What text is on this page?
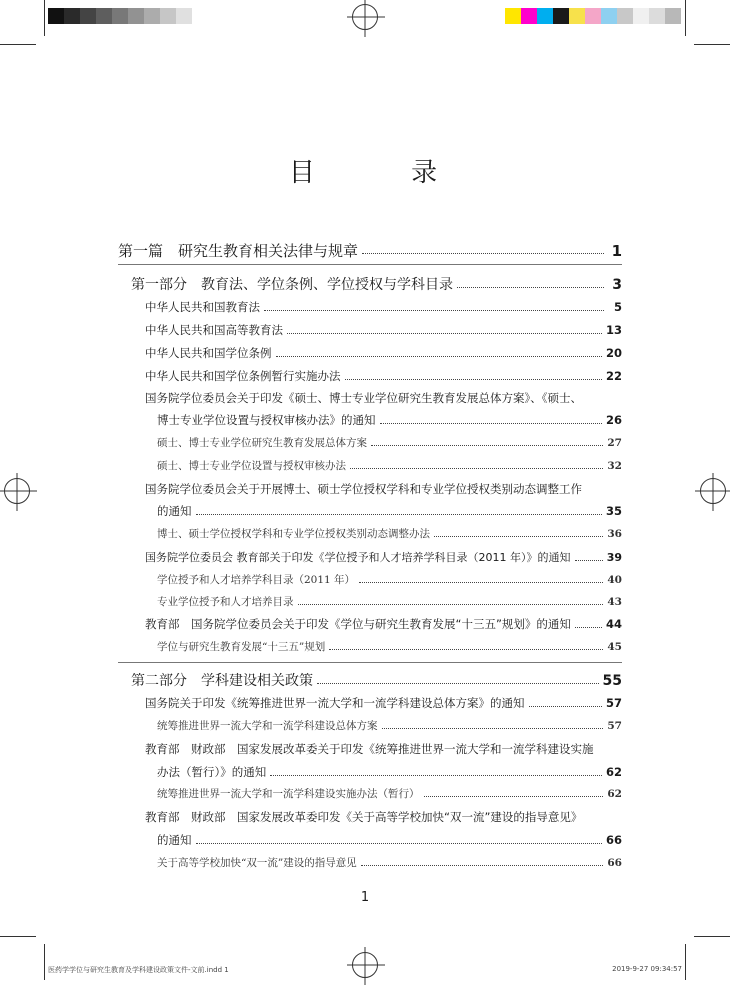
目 录
第一篇　研究生教育相关法律与规章	1
第一部分　教育法、学位条例、学位授权与学科目录	3
中华人民共和国教育法	5
中华人民共和国高等教育法	13
中华人民共和国学位条例	20
中华人民共和国学位条例暂行实施办法	22
国务院学位委员会关于印发《硕士、博士专业学位研究生教育发展总体方案》、《硕士、
博士专业学位设置与授权审核办法》的通知	26
硕士、博士专业学位研究生教育发展总体方案	27
硕士、博士专业学位设置与授权审核办法	32
国务院学位委员会关于开展博士、硕士学位授权学科和专业学位授权类别动态调整工作
的通知	35
博士、硕士学位授权学科和专业学位授权类别动态调整办法	36
国务院学位委员会 教育部关于印发《学位授予和人才培养学科目录（2011 年）》的通知	39
学位授予和人才培养学科目录（2011 年）	40
专业学位授予和人才培养目录	43
教育部　国务院学位委员会关于印发《学位与研究生教育发展“十三五”规划》的通知	44
学位与研究生教育发展“十三五”规划	45
第二部分　学科建设相关政策	55
国务院关于印发《统筹推进世界一流大学和一流学科建设总体方案》的通知	57
统筹推进世界一流大学和一流学科建设总体方案	57
教育部　财政部　国家发展改革委关于印发《统筹推进世界一流大学和一流学科建设实施
办法（暂行）》的通知	62
统筹推进世界一流大学和一流学科建设实施办法（暂行）	62
教育部　财政部　国家发展改革委印发《关于高等学校加快“双一流”建设的指导意见》
的通知	66
关于高等学校加快“双一流”建设的指导意见	66
1
医药学学位与研究生教育及学科建设政策文件-文前.indd 1	2019-9-27 09:34:57
